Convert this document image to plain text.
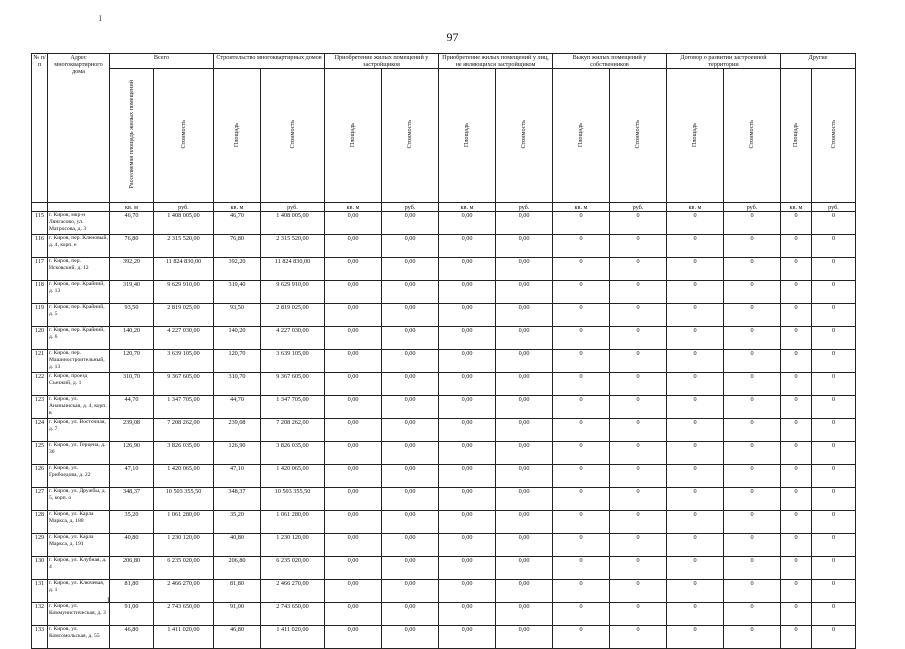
97
I
I
№ п/п	Адрес многоквартирного дома	Всего		Строительство многоквартирных домов		Приобретение жилых помещений у застройщиков		Приобретение жилых помещений у лиц, не являющихся застройщиком		Выкуп жилых помещений у собственников		Договор о развитии застроенной территории		Другие	
		Расселяемая площадь жилых помещений	Стоимость	Площадь	Стоимость	Площадь	Стоимость	Площадь	Стоимость	Площадь	Стоимость	Площадь	Стоимость	Площадь	Стоимость
		кв. м	руб.	кв. м	руб.	кв. м	руб.	кв. м	руб.	кв. м	руб.	кв. м	руб.	кв. м	руб.
115	г. Киров, мкр-н Лянгасово, ул. Матросова, д. 3	46,70	1 408 005,00	46,70	1 408 005,00	0,00	0,00	0,00	0,00	0	0	0	0	0	0
116	г. Киров, пер. Кленовый, д. 4, корп. е	76,80	2 315 520,00	76,80	2 315 520,00	0,00	0,00	0,00	0,00	0	0	0	0	0	0
117	г. Киров, пер. Исковский, д. 12	392,20	11 824 830,00	392,20	11 824 830,00	0,00	0,00	0,00	0,00	0	0	0	0	0	0
118	г. Киров, пер. Крайний, д. 13	319,40	9 629 910,00	319,40	9 629 910,00	0,00	0,00	0,00	0,00	0	0	0	0	0	0
119	г. Киров, пер. Крайний, д. 5	93,50	2 819 025,00	93,50	2 819 025,00	0,00	0,00	0,00	0,00	0	0	0	0	0	0
120	г. Киров, пер. Крайний, д. 6	140,20	4 227 030,00	140,20	4 227 030,00	0,00	0,00	0,00	0,00	0	0	0	0	0	0
121	г. Киров, пер. Машиностроительный, д. 13	120,70	3 639 105,00	120,70	3 639 105,00	0,00	0,00	0,00	0,00	0	0	0	0	0	0
122	г. Киров, проезд Съезжий, д. 1	310,70	9 367 605,00	310,70	9 367 605,00	0,00	0,00	0,00	0,00	0	0	0	0	0	0
123	г. Киров, ул. Ананьинская, д. 4, корп. в	44,70	1 347 705,00	44,70	1 347 705,00	0,00	0,00	0,00	0,00	0	0	0	0	0	0
124	г. Киров, ул. Восточная, д. 7	239,08	7 208 262,00	239,08	7 208 262,00	0,00	0,00	0,00	0,00	0	0	0	0	0	0
125	г. Киров, ул. Герцена, д. 30	126,90	3 826 035,00	126,90	3 826 035,00	0,00	0,00	0,00	0,00	0	0	0	0	0	0
126	г. Киров, ул. Грибоедова, д. 22	47,10	1 420 065,00	47,10	1 420 065,00	0,00	0,00	0,00	0,00	0	0	0	0	0	0
127	г. Киров, ул. Дружбы, д. 5, корп. о	348,37	10 503 355,50	348,37	10 503 355,50	0,00	0,00	0,00	0,00	0	0	0	0	0	0
128	г. Киров, ул. Карла Маркса, д. 188	35,20	1 061 280,00	35,20	1 061 280,00	0,00	0,00	0,00	0,00	0	0	0	0	0	0
129	г. Киров, ул. Карла Маркса, д. 191	40,80	1 230 120,00	40,80	1 230 120,00	0,00	0,00	0,00	0,00	0	0	0	0	0	0
130	г. Киров, ул. Клубная, д. 4	206,80	6 235 020,00	206,80	6 235 020,00	0,00	0,00	0,00	0,00	0	0	0	0	0	0
131	г. Киров, ул. Ключевая, д. 1	81,80	2 466 270,00	81,80	2 466 270,00	0,00	0,00	0,00	0,00	0	0	0	0	0	0
132	г. Киров, ул. Коммунистическая, д. 3	91,00	2 743 650,00	91,00	2 743 650,00	0,00	0,00	0,00	0,00	0	0	0	0	0	0
133	г. Киров, ул. Комсомольская, д. 55	46,80	1 411 020,00	46,80	1 411 020,00	0,00	0,00	0,00	0,00	0	0	0	0	0	0
